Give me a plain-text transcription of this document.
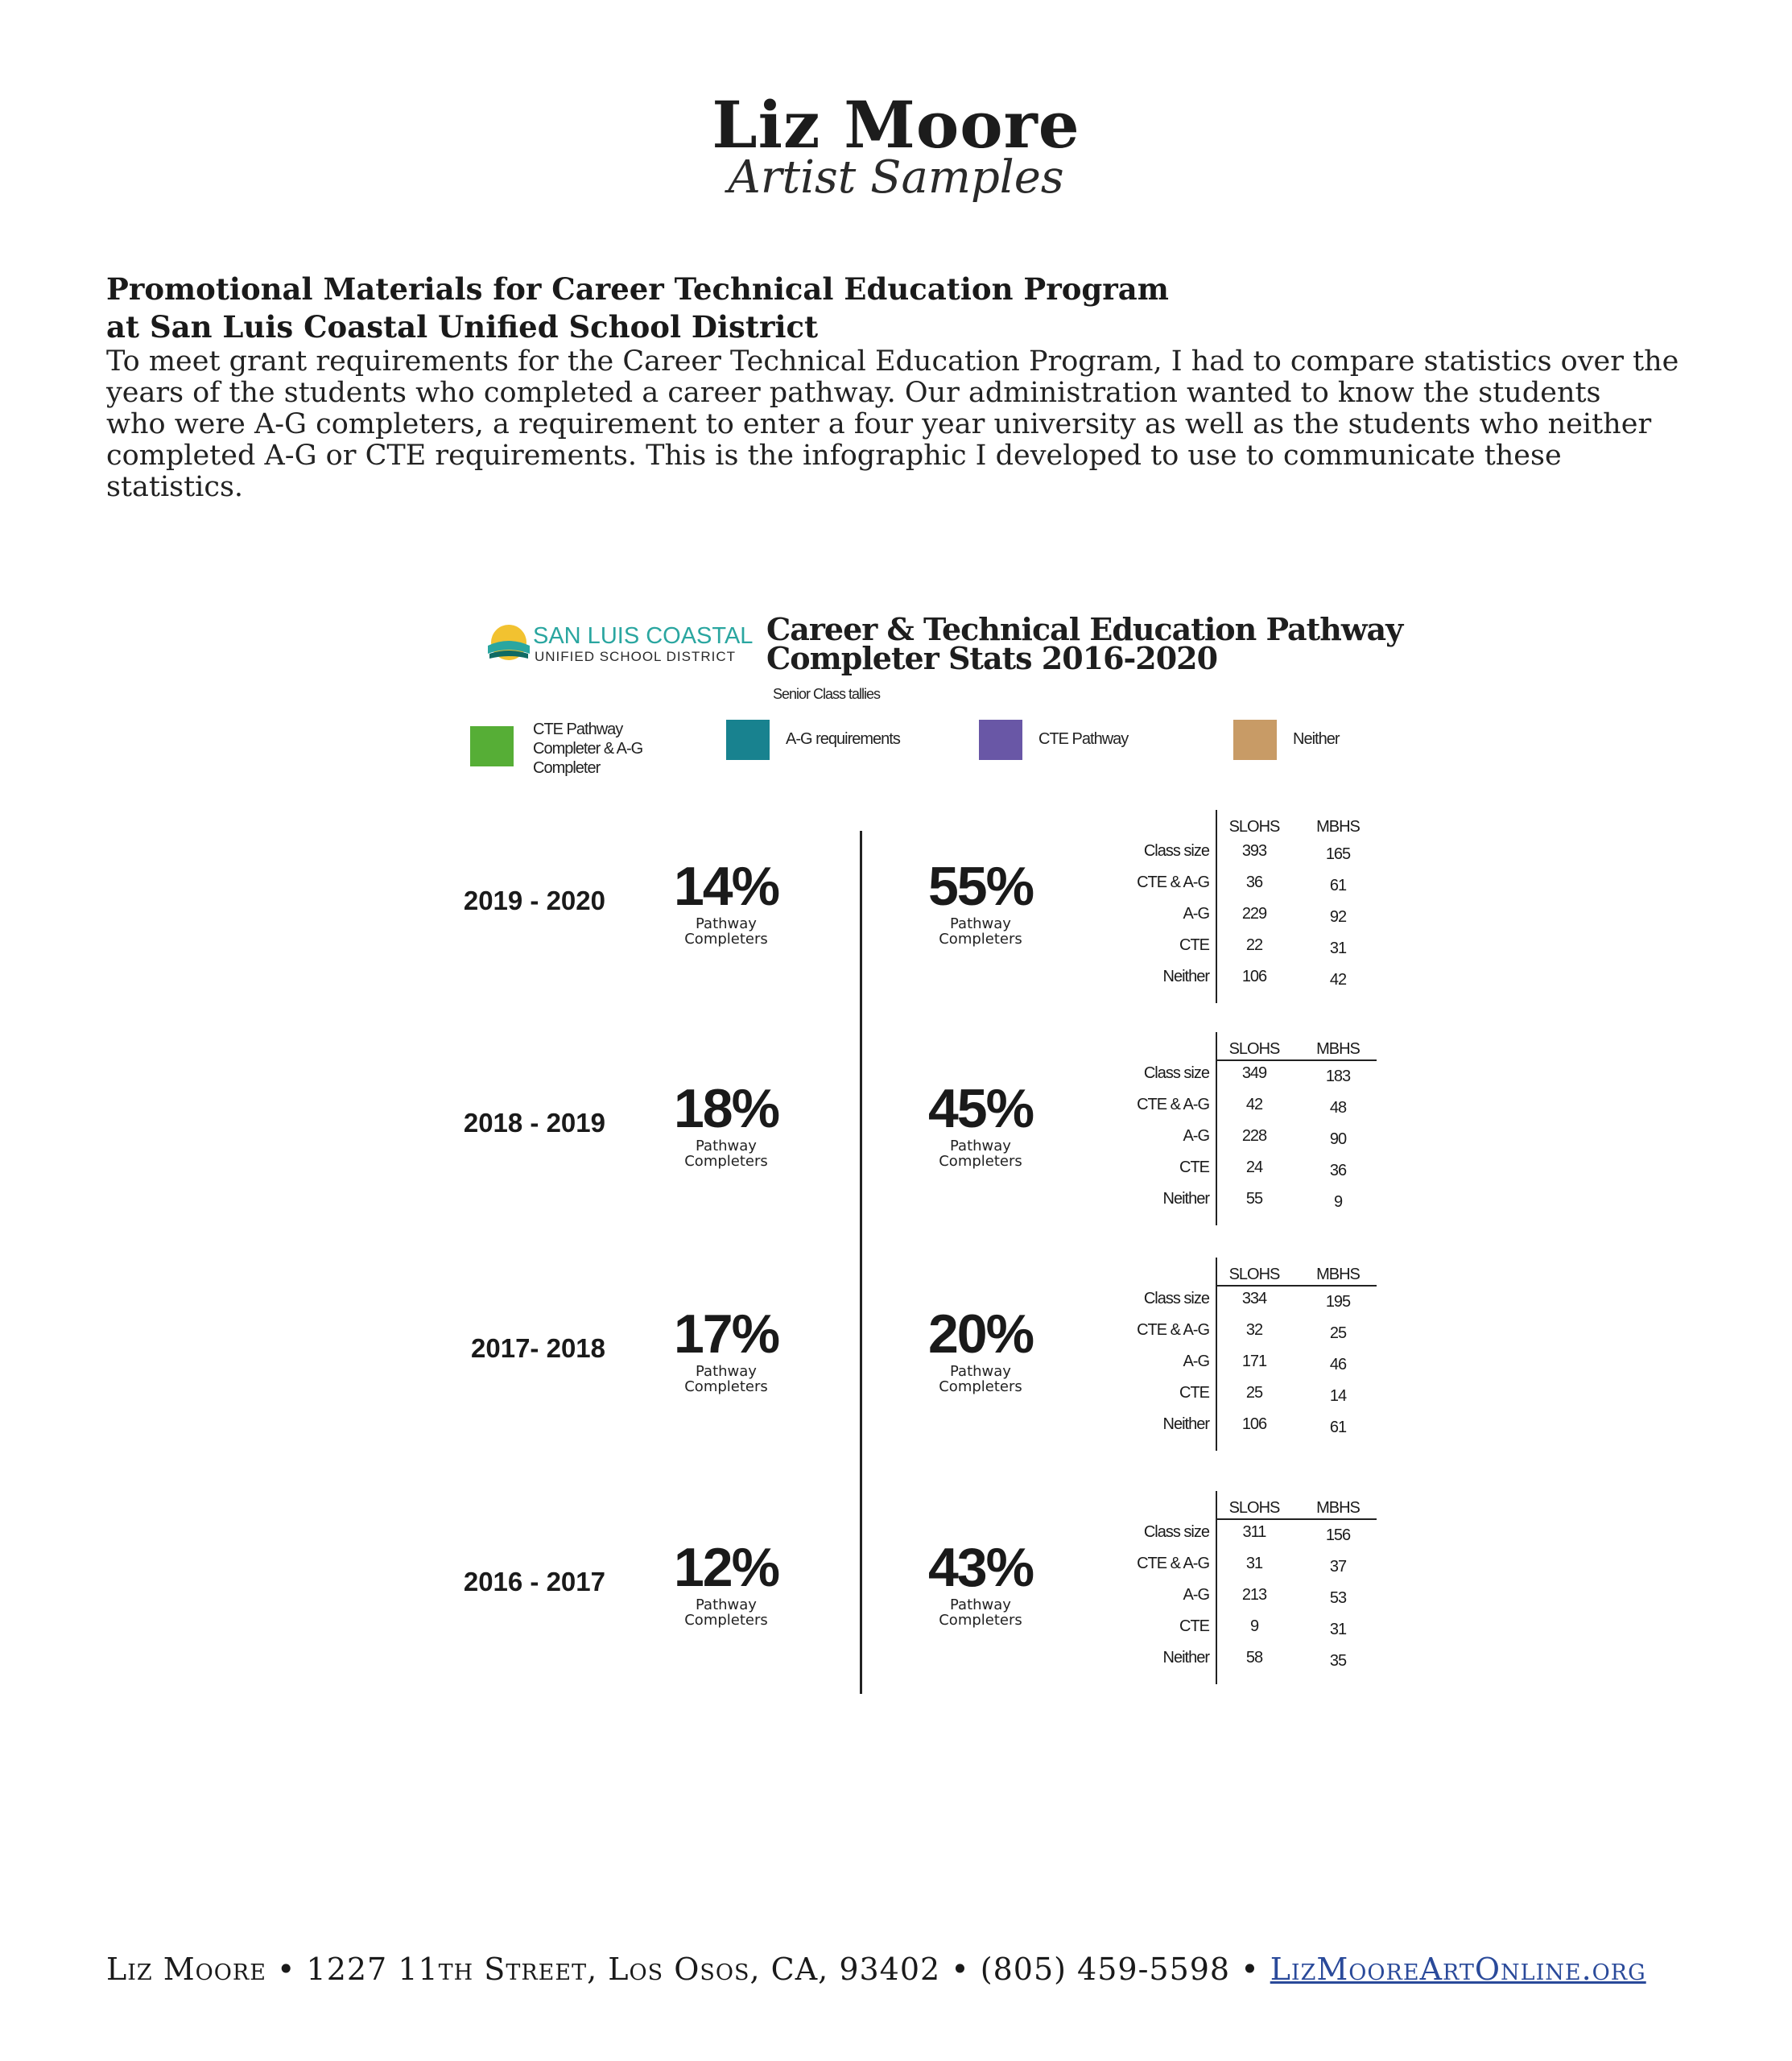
Liz Moore
Artist Samples
Promotional Materials for Career Technical Education Program
at San Luis Coastal Unified School District
To meet grant requirements for the Career Technical Education Program, I had to compare statistics over the
years of the students who completed a career pathway. Our administration wanted to know the students
who were A-G completers, a requirement to enter a four year university as well as the students who neither
completed A-G or CTE requirements. This is the infographic I developed to use to communicate these
statistics.
SAN LUIS COASTAL
UNIFIED SCHOOL DISTRICT
Career & Technical Education Pathway
Completer Stats 2016-2020
Senior Class tallies
CTE Pathway
Completer & A-G
Completer
A-G requirements	CTE Pathway	Neither
2019 - 2020	14%
Pathway
Completers
55%
Pathway
Completers
SLOHS	MBHS
Class size	393	165
CTE & A-G	36	61
A-G	229	92
CTE	22	31
Neither	106	42
2018 - 2019	18%
Pathway
Completers
45%
Pathway
Completers
SLOHS	MBHS
Class size	349	183
CTE & A-G	42	48
A-G	228	90
CTE	24	36
Neither	55	9
2017- 2018	17%
Pathway
Completers
20%
Pathway
Completers
SLOHS	MBHS
Class size	334	195
CTE & A-G	32	25
A-G	171	46
CTE	25	14
Neither	106	61
2016 - 2017	12%
Pathway
Completers
43%
Pathway
Completers
SLOHS	MBHS
Class size	311	156
CTE & A-G	31	37
A-G	213	53
CTE	9	31
Neither	58	35
Liz Moore • 1227 11th Street, Los Osos, CA, 93402 • (805) 459-5598 • LizMooreArtOnline.org
